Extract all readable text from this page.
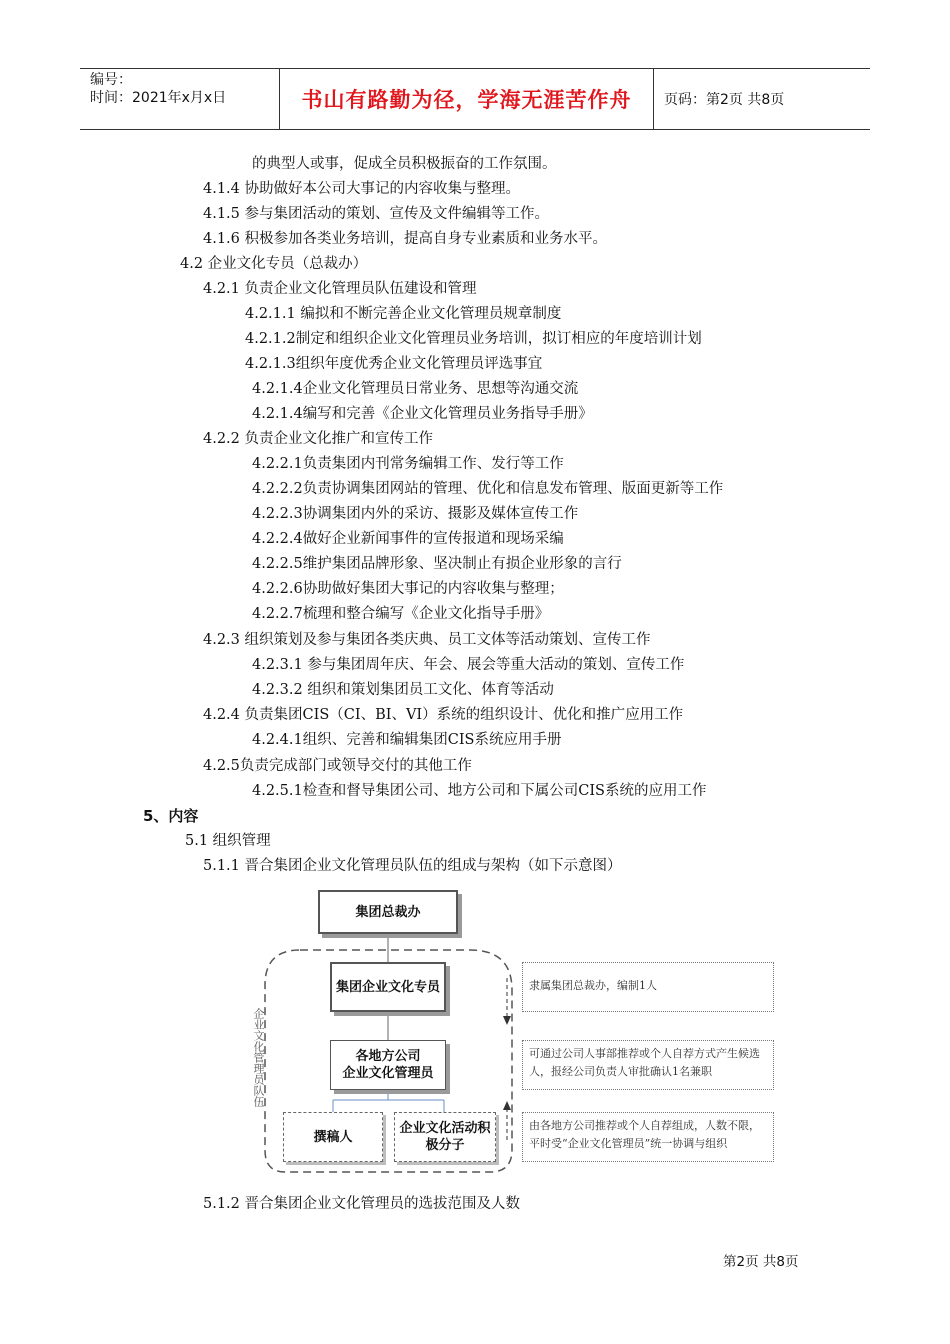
编号：
时间：2021年x月x日	书山有路勤为径，学海无涯苦作舟	页码：第2页 共8页
的典型人或事，促成全员积极振奋的工作氛围。
4.1.4 协助做好本公司大事记的内容收集与整理。
4.1.5 参与集团活动的策划、宣传及文件编辑等工作。
4.1.6 积极参加各类业务培训，提高自身专业素质和业务水平。
4.2 企业文化专员（总裁办）
4.2.1 负责企业文化管理员队伍建设和管理
4.2.1.1 编拟和不断完善企业文化管理员规章制度
4.2.1.2制定和组织企业文化管理员业务培训，拟订相应的年度培训计划
4.2.1.3组织年度优秀企业文化管理员评选事宜
4.2.1.4企业文化管理员日常业务、思想等沟通交流
4.2.1.4编写和完善《企业文化管理员业务指导手册》
4.2.2 负责企业文化推广和宣传工作
4.2.2.1负责集团内刊常务编辑工作、发行等工作
4.2.2.2负责协调集团网站的管理、优化和信息发布管理、版面更新等工作
4.2.2.3协调集团内外的采访、摄影及媒体宣传工作
4.2.2.4做好企业新闻事件的宣传报道和现场采编
4.2.2.5维护集团品牌形象、坚决制止有损企业形象的言行
4.2.2.6协助做好集团大事记的内容收集与整理；
4.2.2.7梳理和整合编写《企业文化指导手册》
4.2.3 组织策划及参与集团各类庆典、员工文体等活动策划、宣传工作
4.2.3.1 参与集团周年庆、年会、展会等重大活动的策划、宣传工作
4.2.3.2 组织和策划集团员工文化、体育等活动
4.2.4 负责集团CIS（CI、BI、VI）系统的组织设计、优化和推广应用工作
4.2.4.1组织、完善和编辑集团CIS系统应用手册
4.2.5负责完成部门或领导交付的其他工作
4.2.5.1检查和督导集团公司、地方公司和下属公司CIS系统的应用工作
5、内容
5.1 组织管理
5.1.1 晋合集团企业文化管理员队伍的组成与架构（如下示意图）
集团总裁办
集团企业文化专员
各地方公司
企业文化管理员
撰稿人
企业文化活动积
极分子
企业文化管理员队伍
隶属集团总裁办，编制1人
可通过公司人事部推荐或个人自荐方式产生候选人，报经公司负责人审批确认1名兼职
由各地方公司推荐或个人自荐组成，人数不限，平时受“企业文化管理员”统一协调与组织
5.1.2 晋合集团企业文化管理员的选拔范围及人数
第2页 共8页
